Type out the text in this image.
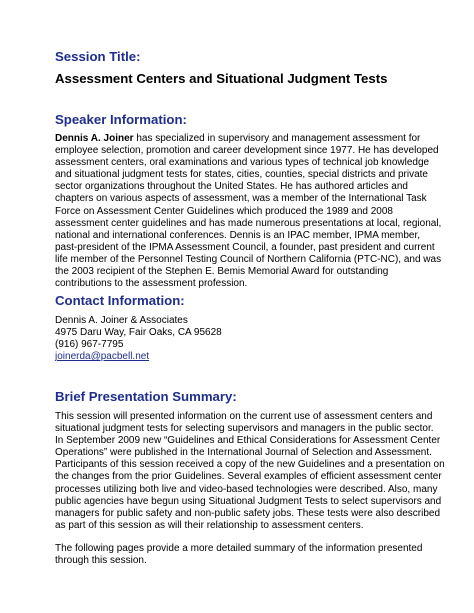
Session Title:
Assessment Centers and Situational Judgment Tests
Speaker Information:
Dennis A. Joiner has specialized in supervisory and management assessment for
employee selection, promotion and career development since 1977. He has developed
assessment centers, oral examinations and various types of technical job knowledge
and situational judgment tests for states, cities, counties, special districts and private
sector organizations throughout the United States. He has authored articles and
chapters on various aspects of assessment, was a member of the International Task
Force on Assessment Center Guidelines which produced the 1989 and 2008
assessment center guidelines and has made numerous presentations at local, regional,
national and international conferences. Dennis is an IPAC member, IPMA member,
past-president of the IPMA Assessment Council, a founder, past president and current
life member of the Personnel Testing Council of Northern California (PTC-NC), and was
the 2003 recipient of the Stephen E. Bemis Memorial Award for outstanding
contributions to the assessment profession.
Contact Information:
Dennis A. Joiner & Associates
4975 Daru Way, Fair Oaks, CA 95628
(916) 967-7795
joinerda@pacbell.net
Brief Presentation Summary:
This session will presented information on the current use of assessment centers and
situational judgment tests for selecting supervisors and managers in the public sector.
In September 2009 new “Guidelines and Ethical Considerations for Assessment Center
Operations” were published in the International Journal of Selection and Assessment.
Participants of this session received a copy of the new Guidelines and a presentation on
the changes from the prior Guidelines. Several examples of efficient assessment center
processes utilizing both live and video-based technologies were described. Also, many
public agencies have begun using Situational Judgment Tests to select supervisors and
managers for public safety and non-public safety jobs. These tests were also described
as part of this session as will their relationship to assessment centers.
The following pages provide a more detailed summary of the information presented
through this session.
